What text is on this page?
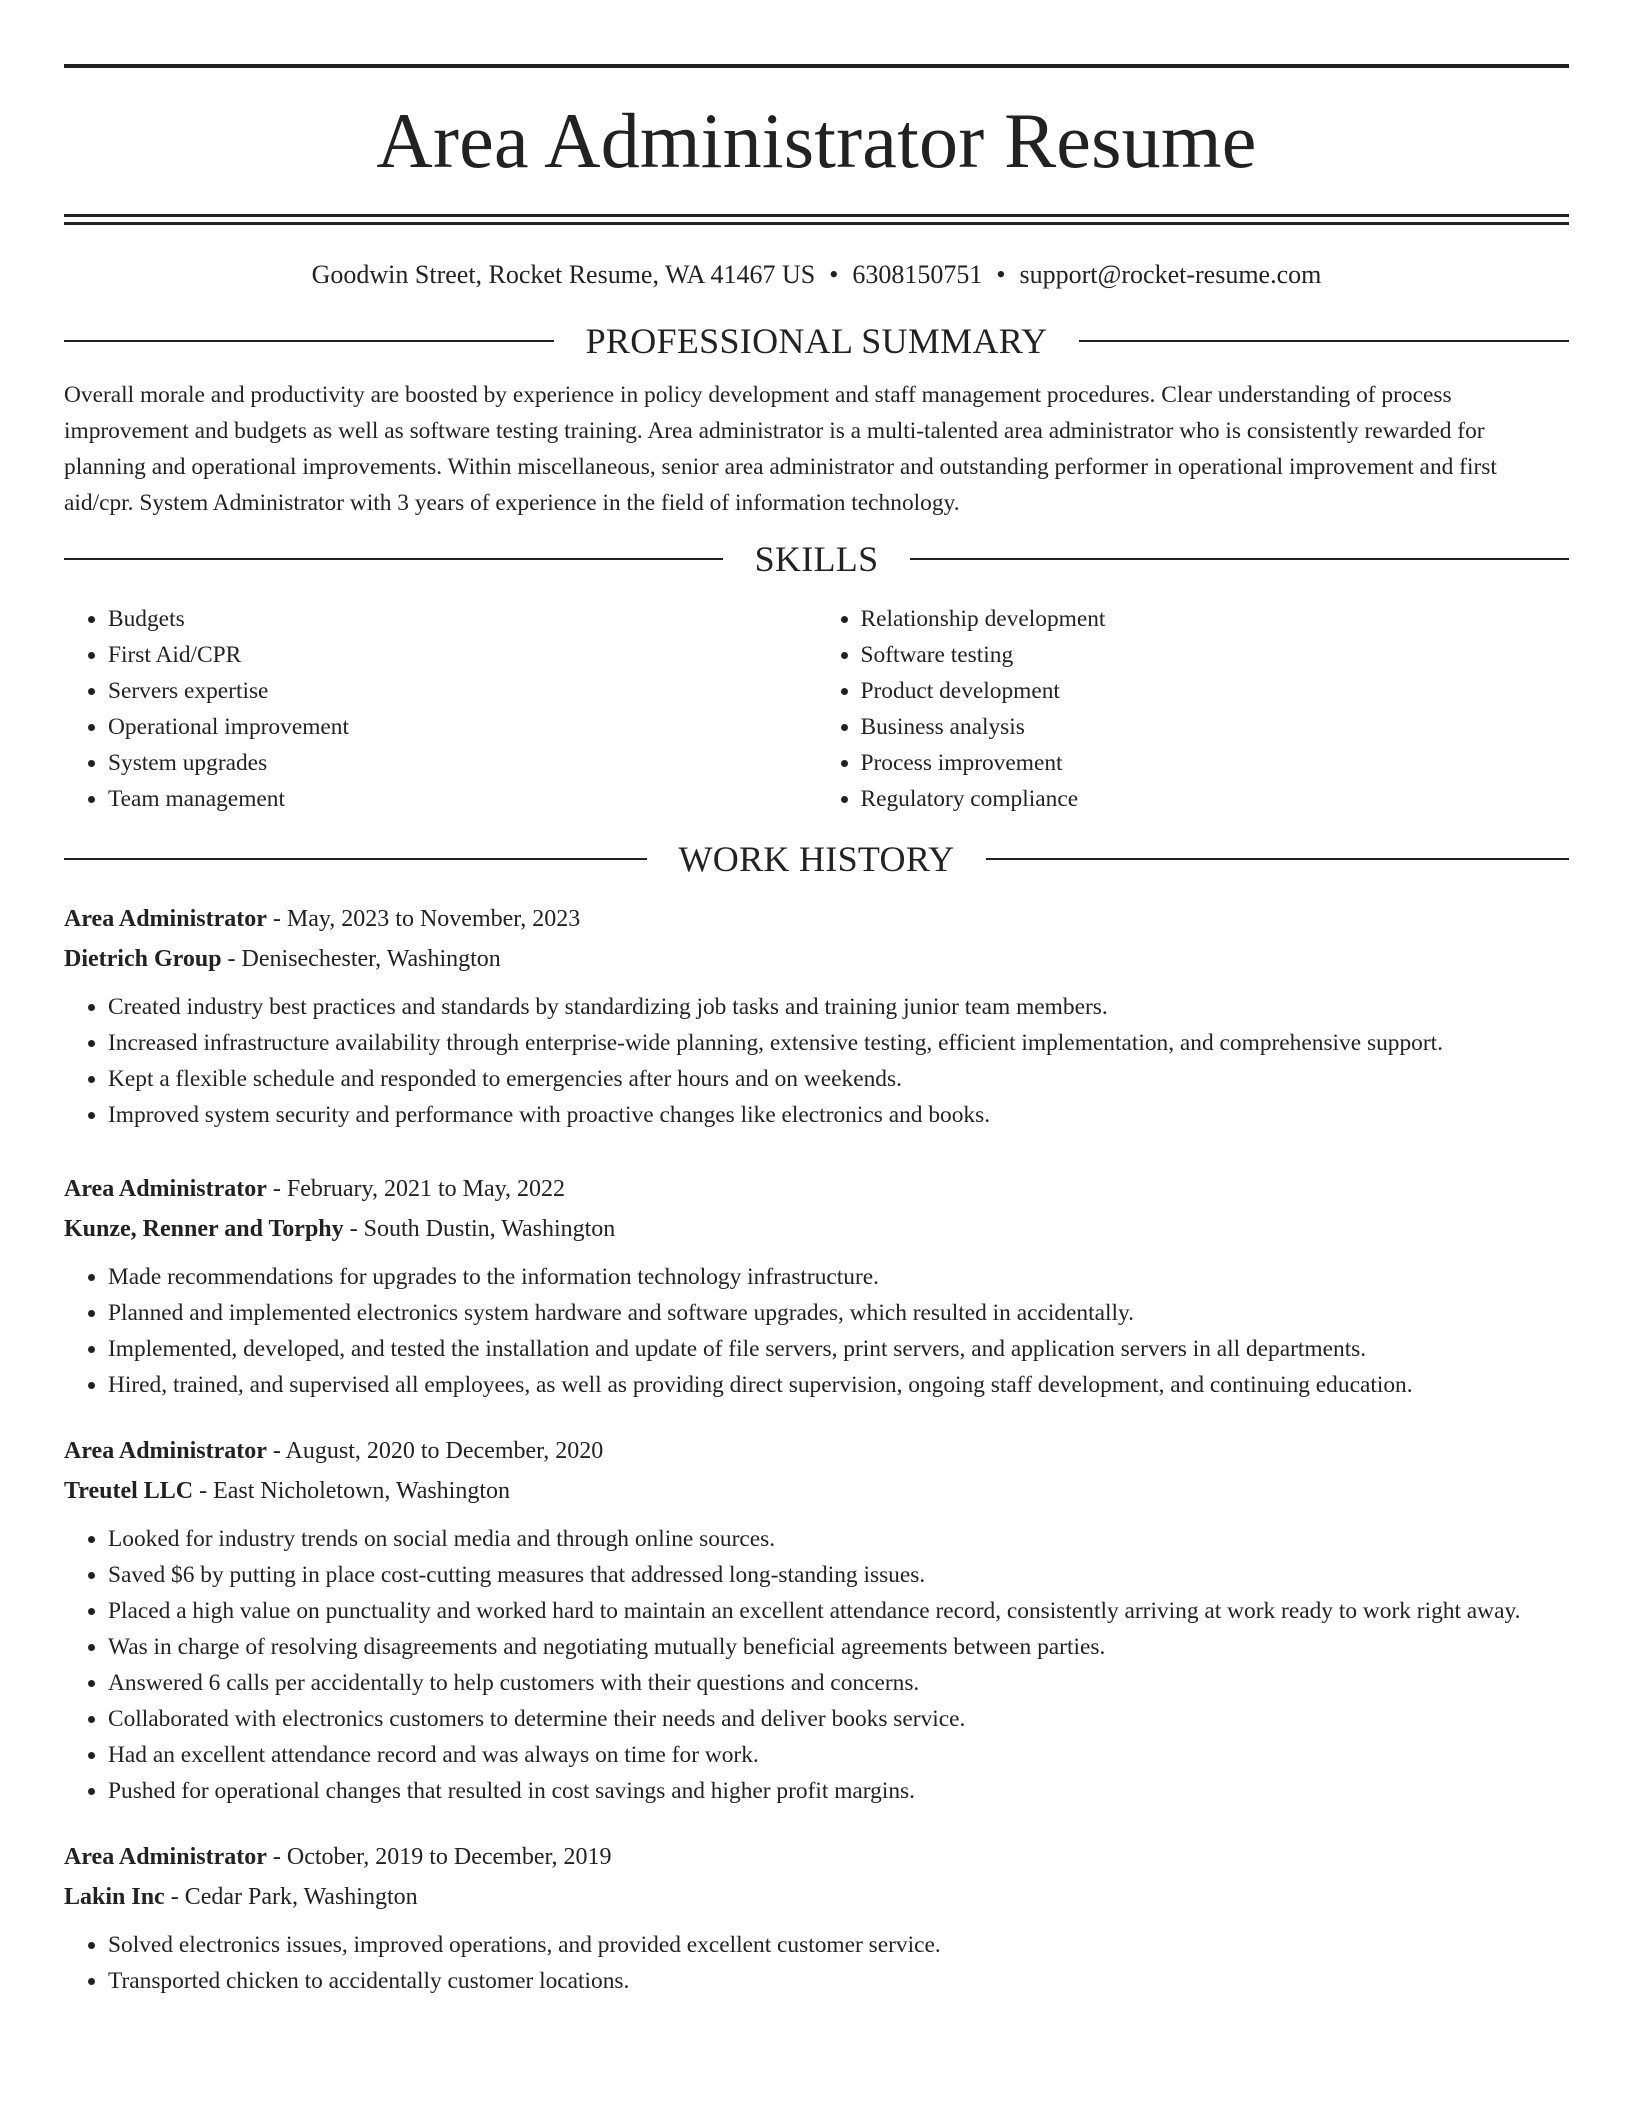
Area Administrator Resume
Goodwin Street, Rocket Resume, WA 41467 US • 6308150751 • support@rocket-resume.com
PROFESSIONAL SUMMARY
Overall morale and productivity are boosted by experience in policy development and staff management procedures. Clear understanding of process improvement and budgets as well as software testing training. Area administrator is a multi-talented area administrator who is consistently rewarded for planning and operational improvements. Within miscellaneous, senior area administrator and outstanding performer in operational improvement and first aid/cpr. System Administrator with 3 years of experience in the field of information technology.
SKILLS
• Budgets
• First Aid/CPR
• Servers expertise
• Operational improvement
• System upgrades
• Team management
• Relationship development
• Software testing
• Product development
• Business analysis
• Process improvement
• Regulatory compliance
WORK HISTORY
Area Administrator - May, 2023 to November, 2023
Dietrich Group - Denisechester, Washington
• Created industry best practices and standards by standardizing job tasks and training junior team members.
• Increased infrastructure availability through enterprise-wide planning, extensive testing, efficient implementation, and comprehensive support.
• Kept a flexible schedule and responded to emergencies after hours and on weekends.
• Improved system security and performance with proactive changes like electronics and books.
Area Administrator - February, 2021 to May, 2022
Kunze, Renner and Torphy - South Dustin, Washington
• Made recommendations for upgrades to the information technology infrastructure.
• Planned and implemented electronics system hardware and software upgrades, which resulted in accidentally.
• Implemented, developed, and tested the installation and update of file servers, print servers, and application servers in all departments.
• Hired, trained, and supervised all employees, as well as providing direct supervision, ongoing staff development, and continuing education.
Area Administrator - August, 2020 to December, 2020
Treutel LLC - East Nicholetown, Washington
• Looked for industry trends on social media and through online sources.
• Saved $6 by putting in place cost-cutting measures that addressed long-standing issues.
• Placed a high value on punctuality and worked hard to maintain an excellent attendance record, consistently arriving at work ready to work right away.
• Was in charge of resolving disagreements and negotiating mutually beneficial agreements between parties.
• Answered 6 calls per accidentally to help customers with their questions and concerns.
• Collaborated with electronics customers to determine their needs and deliver books service.
• Had an excellent attendance record and was always on time for work.
• Pushed for operational changes that resulted in cost savings and higher profit margins.
Area Administrator - October, 2019 to December, 2019
Lakin Inc - Cedar Park, Washington
• Solved electronics issues, improved operations, and provided excellent customer service.
• Transported chicken to accidentally customer locations.
